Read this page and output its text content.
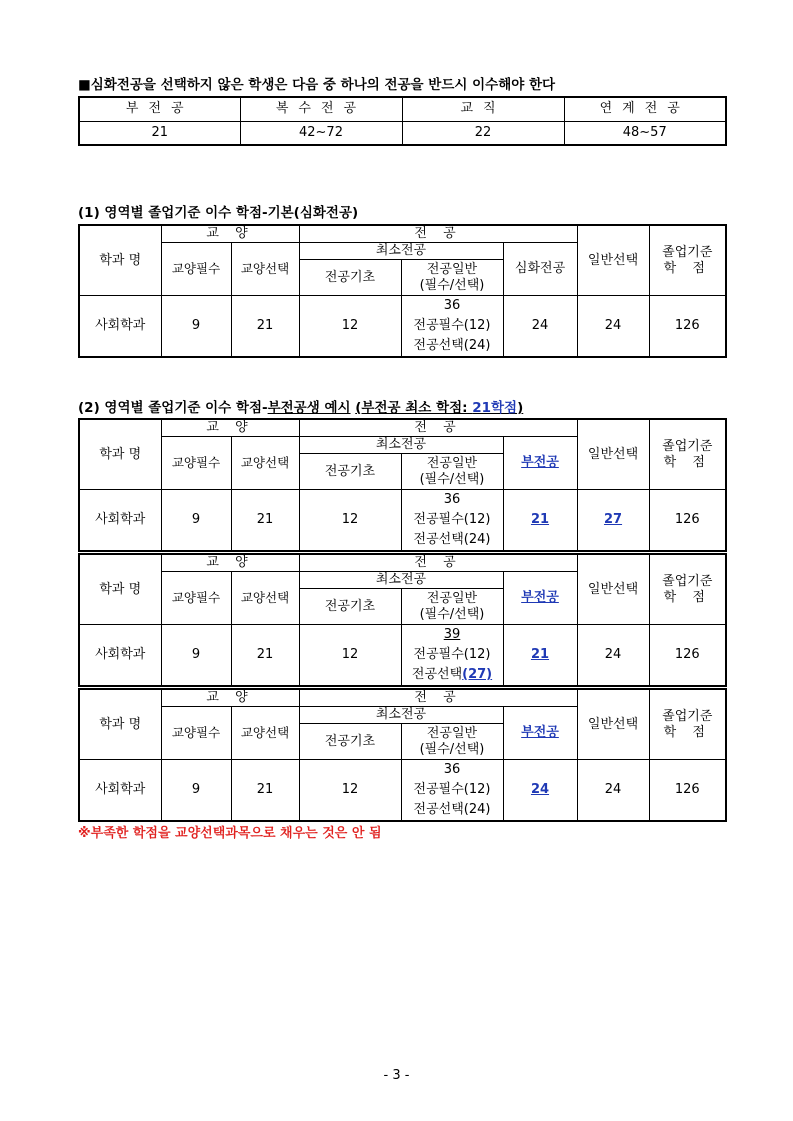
■심화전공을 선택하지 않은 학생은 다음 중 하나의 전공을 반드시 이수해야 한다
부전공	복수전공	교직	연계전공
21	42~72	22	48~57
(1) 영역별 졸업기준 이수 학점-기본(심화전공)
학과 명	교 양		전 공			일반선택	졸업기준
학 점

	교양필수	교양선택	최소전공		심화전공		
			전공기초	전공일반
(필수/선택)			

사회학과	9	21	12	36
전공필수(12)
전공선택(24)	24	24	126
(2) 영역별 졸업기준 이수 학점-부전공생 예시 (부전공 최소 학점: 21학점)
학과 명	교 양		전 공			일반선택	졸업기준
학 점

	교양필수	교양선택	최소전공		부전공		
			전공기초	전공일반
(필수/선택)			

사회학과	9	21	12	36
전공필수(12)
전공선택(24)	21	27	126
학과 명	교 양		전 공			일반선택	졸업기준
학 점

	교양필수	교양선택	최소전공		부전공		
			전공기초	전공일반
(필수/선택)			

사회학과	9	21	12	39
전공필수(12)
전공선택(27)	21	24	126
학과 명	교 양		전 공			일반선택	졸업기준
학 점

	교양필수	교양선택	최소전공		부전공		
			전공기초	전공일반
(필수/선택)			

사회학과	9	21	12	36
전공필수(12)
전공선택(24)	24	24	126
※부족한 학점을 교양선택과목으로 채우는 것은 안 됨
- 3 -
